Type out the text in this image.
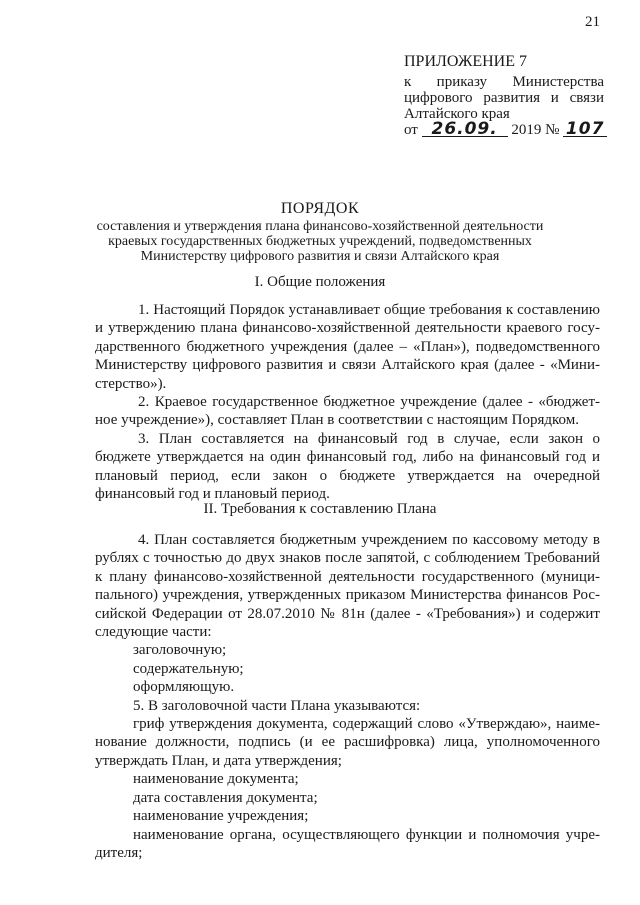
21
ПРИЛОЖЕНИЕ 7
к приказу Министерства
цифрового развития и связи
Алтайского края
от 26.09. 2019 № 107
ПОРЯДОК
составления и утверждения плана финансово-хозяйственной деятельности
краевых государственных бюджетных учреждений, подведомственных
Министерству цифрового развития и связи Алтайского края
I. Общие положения

1. Настоящий Порядок устанавливает общие требования к составлению и утверждению плана финансово-хозяйственной деятельности краевого государственного бюджетного учреждения (далее – «План»), подведомственного Министерству цифрового развития и связи Алтайского края (далее - «Министерство»).

2. Краевое государственное бюджетное учреждение (далее - «бюджетное учреждение»), составляет План в соответствии с настоящим Порядком.

3. План составляется на финансовый год в случае, если закон о бюджете утверждается на один финансовый год, либо на финансовый год и плановый период, если закон о бюджете утверждается на очередной финансовый год и плановый период.

II. Требования к составлению Плана

4. План составляется бюджетным учреждением по кассовому методу в рублях с точностью до двух знаков после запятой, с соблюдением Требований к плану финансово-хозяйственной деятельности государственного (муниципального) учреждения, утвержденных приказом Министерства финансов Российской Федерации от 28.07.2010 № 81н (далее - «Требования») и содержит следующие части:

заголовочную;

содержательную;

оформляющую.

5. В заголовочной части Плана указываются:

гриф утверждения документа, содержащий слово «Утверждаю», наименование должности, подпись (и ее расшифровка) лица, уполномоченного утверждать План, и дата утверждения;

наименование документа;

дата составления документа;

наименование учреждения;

наименование органа, осуществляющего функции и полномочия учредителя;
